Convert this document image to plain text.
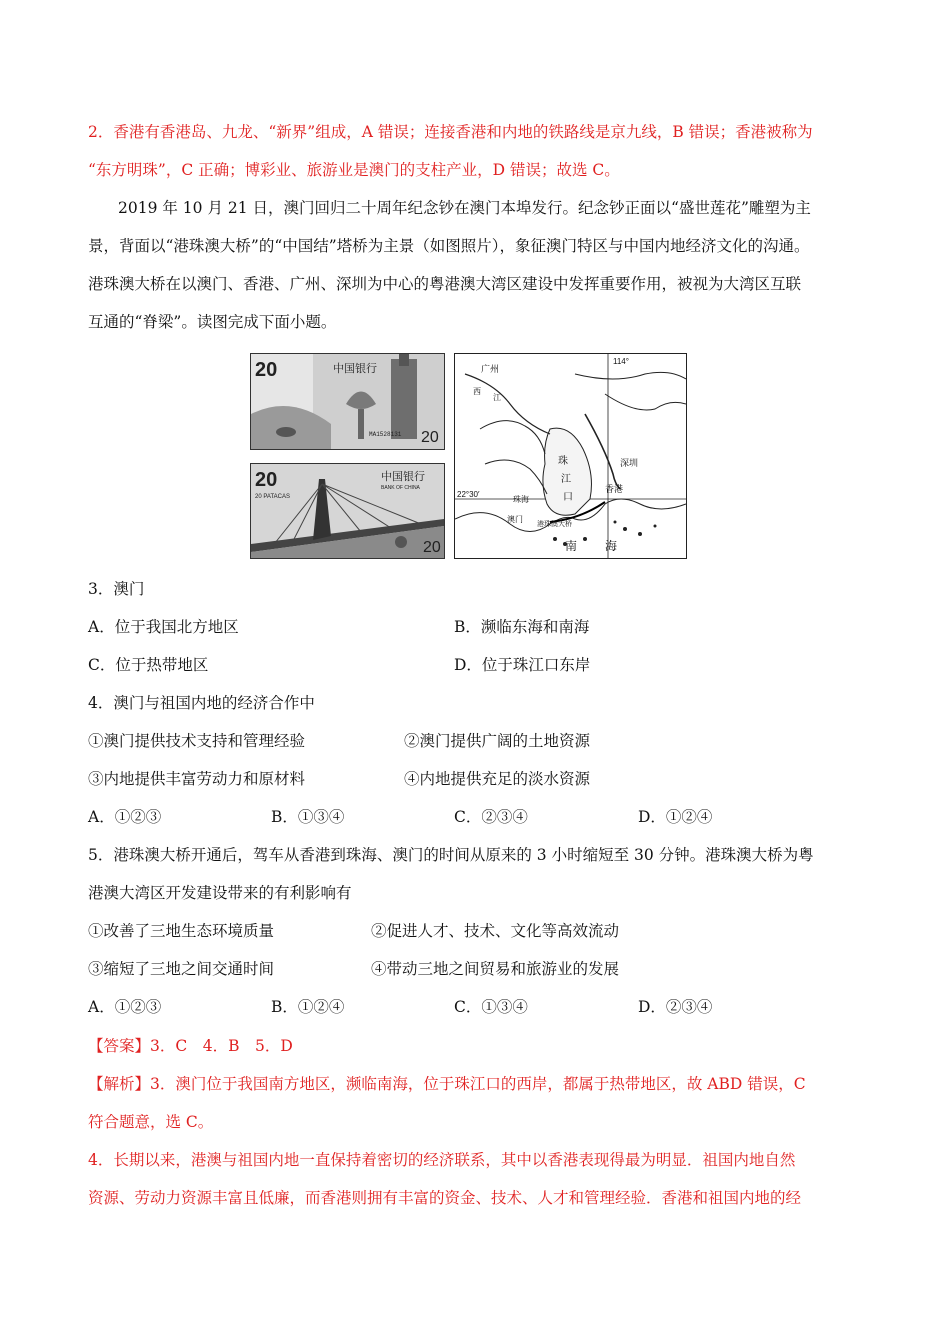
2．香港有香港岛、九龙、“新界”组成，A 错误；连接香港和内地的铁路线是京九线，B 错误；香港被称为
“东方明珠”，C 正确；博彩业、旅游业是澳门的支柱产业，D 错误；故选 C。
2019 年 10 月 21 日，澳门回归二十周年纪念钞在澳门本埠发行。纪念钞正面以“盛世莲花”雕塑为主
景，背面以“港珠澳大桥”的“中国结”塔桥为主景（如图照片），象征澳门特区与中国内地经济文化的沟通。
港珠澳大桥在以澳门、香港、广州、深圳为中心的粤港澳大湾区建设中发挥重要作用，被视为大湾区互联
互通的“脊梁”。读图完成下面小题。
20	中国银行
MA1528131 20
20
20 PATACAS
中国银行
BANK OF CHINA
20
114°
22°30′
广州
西
江
珠
江
口
深圳
香港
珠海
澳门 港珠澳大桥
南 海
3．澳门
A．位于我国北方地区	B．濒临东海和南海
C．位于热带地区	D．位于珠江口东岸
4．澳门与祖国内地的经济合作中
①澳门提供技术支持和管理经验	②澳门提供广阔的土地资源
③内地提供丰富劳动力和原材料	④内地提供充足的淡水资源
A．①②③	B．①③④	C．②③④	D．①②④
5．港珠澳大桥开通后，驾车从香港到珠海、澳门的时间从原来的 3 小时缩短至 30 分钟。港珠澳大桥为粤
港澳大湾区开发建设带来的有利影响有
①改善了三地生态环境质量	②促进人才、技术、文化等高效流动
③缩短了三地之间交通时间	④带动三地之间贸易和旅游业的发展
A．①②③	B．①②④	C．①③④	D．②③④
【答案】3．C　4．B　5．D
【解析】3．澳门位于我国南方地区，濒临南海，位于珠江口的西岸，都属于热带地区，故 ABD 错误，C
符合题意，选 C。
4．长期以来，港澳与祖国内地一直保持着密切的经济联系，其中以香港表现得最为明显．祖国内地自然
资源、劳动力资源丰富且低廉，而香港则拥有丰富的资金、技术、人才和管理经验．香港和祖国内地的经
